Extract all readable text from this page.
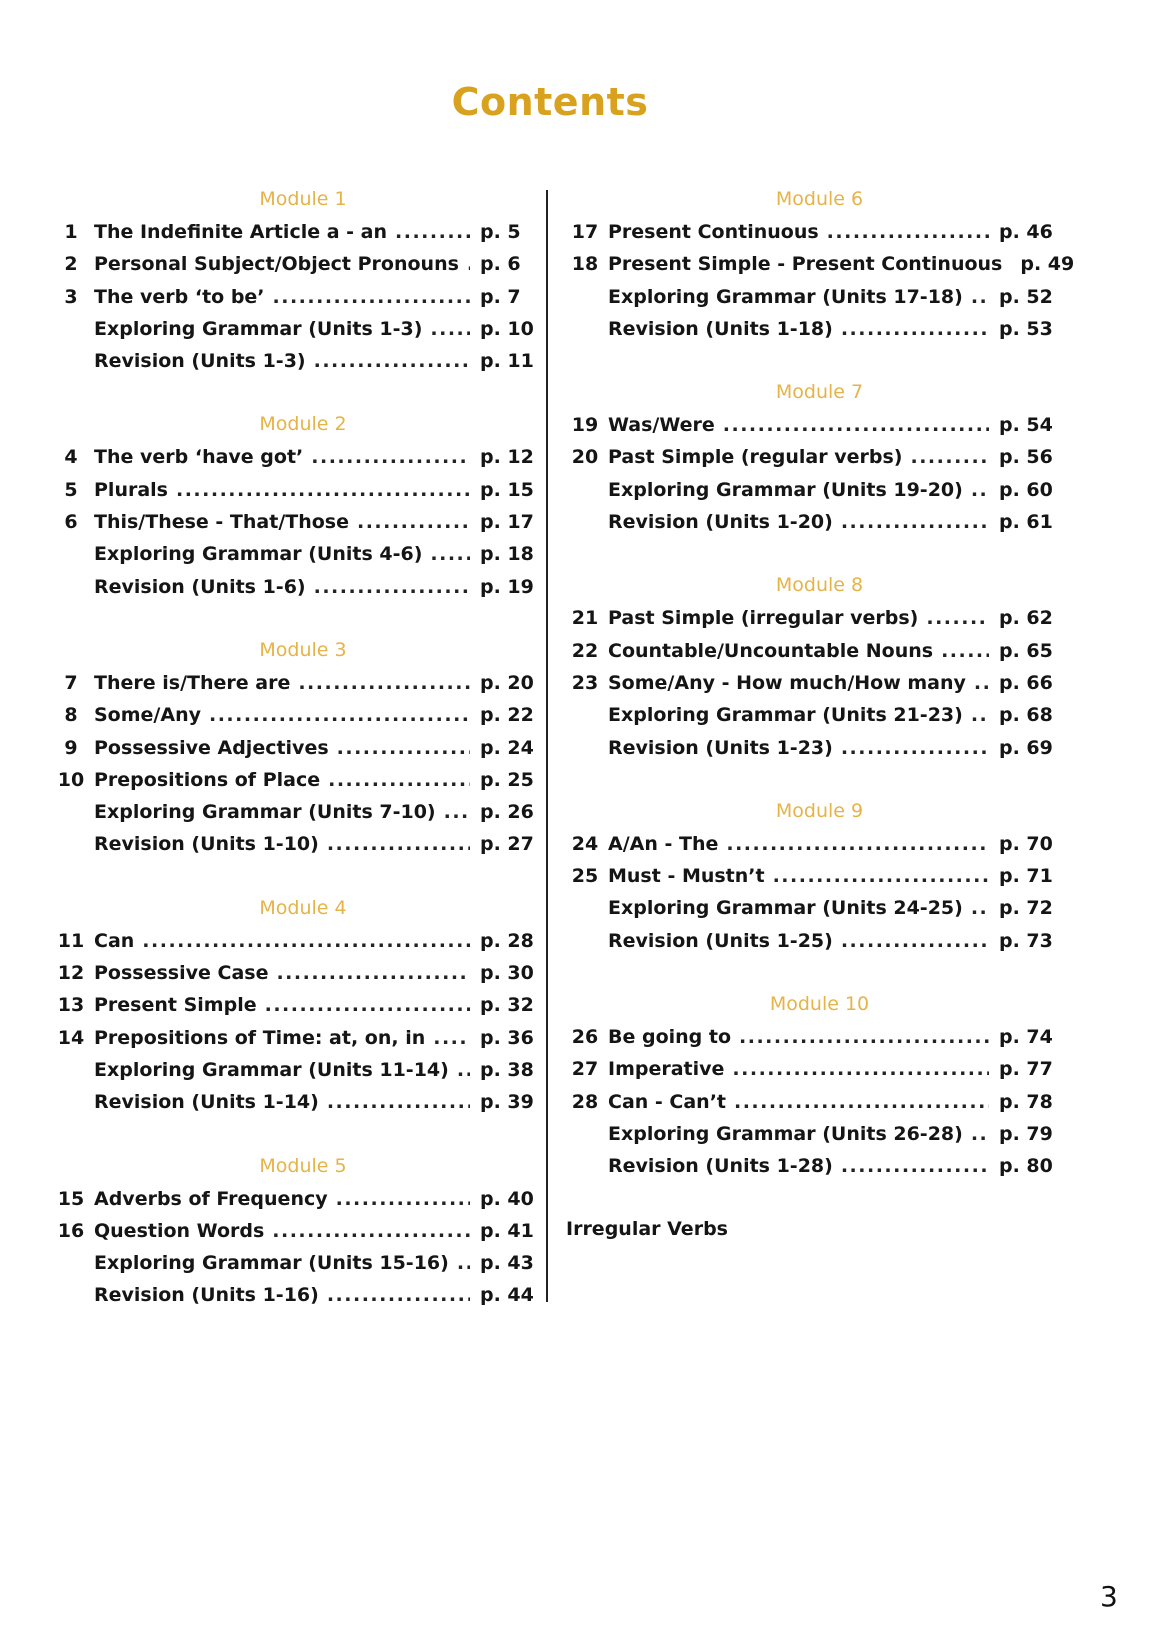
Contents
Module 1
1 The Indefinite Article a - an .....	p. 5
2 Personal Subject/Object Pronouns ..... p. 6
3 The verb ‘to be’ .....	p. 7
Exploring Grammar (Units 1-3) .....	p. 10
Revision (Units 1-3) .....	p. 11
Module 2
4 The verb ‘have got’ .....	p. 12
5 Plurals .....	p. 15
6 This/These - That/Those .....	p. 17
Exploring Grammar (Units 4-6) .....	p. 18
Revision (Units 1-6) .....	p. 19
Module 3
7 There is/There are .....	p. 20
8 Some/Any .....	p. 22
9 Possessive Adjectives .....	p. 24
10 Prepositions of Place .....	p. 25
Exploring Grammar (Units 7-10) ..... p. 26
Revision (Units 1-10) .....	p. 27
Module 4
11 Can .....	p. 28
12 Possessive Case .....	p. 30
13 Present Simple .....	p. 32
14 Prepositions of Time: at, on, in .....	p. 36
Exploring Grammar (Units 11-14) ..... p. 38
Revision (Units 1-14) .....	p. 39
Module 5
15 Adverbs of Frequency .....	p. 40
16 Question Words .....	p. 41
Exploring Grammar (Units 15-16) ..... p. 43
Revision (Units 1-16) .....	p. 44
Module 6
17 Present Continuous .....	p. 46
18 Present Simple - Present Continuous p. 49
Exploring Grammar (Units 17-18) ..... p. 52
Revision (Units 1-18) .....	p. 53
Module 7
19 Was/Were .....	p. 54
20 Past Simple (regular verbs) .....	p. 56
Exploring Grammar (Units 19-20) ..... p. 60
Revision (Units 1-20) .....	p. 61
Module 8
21 Past Simple (irregular verbs) .....	p. 62
22 Countable/Uncountable Nouns .....	p. 65
23 Some/Any - How much/How many ..... p. 66
Exploring Grammar (Units 21-23) ..... p. 68
Revision (Units 1-23) .....	p. 69
Module 9
24 A/An - The .....	p. 70
25 Must - Mustn’t .....	p. 71
Exploring Grammar (Units 24-25) ..... p. 72
Revision (Units 1-25) .....	p. 73
Module 10
26 Be going to .....	p. 74
27 Imperative .....	p. 77
28 Can - Can’t .....	p. 78
Exploring Grammar (Units 26-28) ..... p. 79
Revision (Units 1-28) .....	p. 80
Irregular Verbs
3
